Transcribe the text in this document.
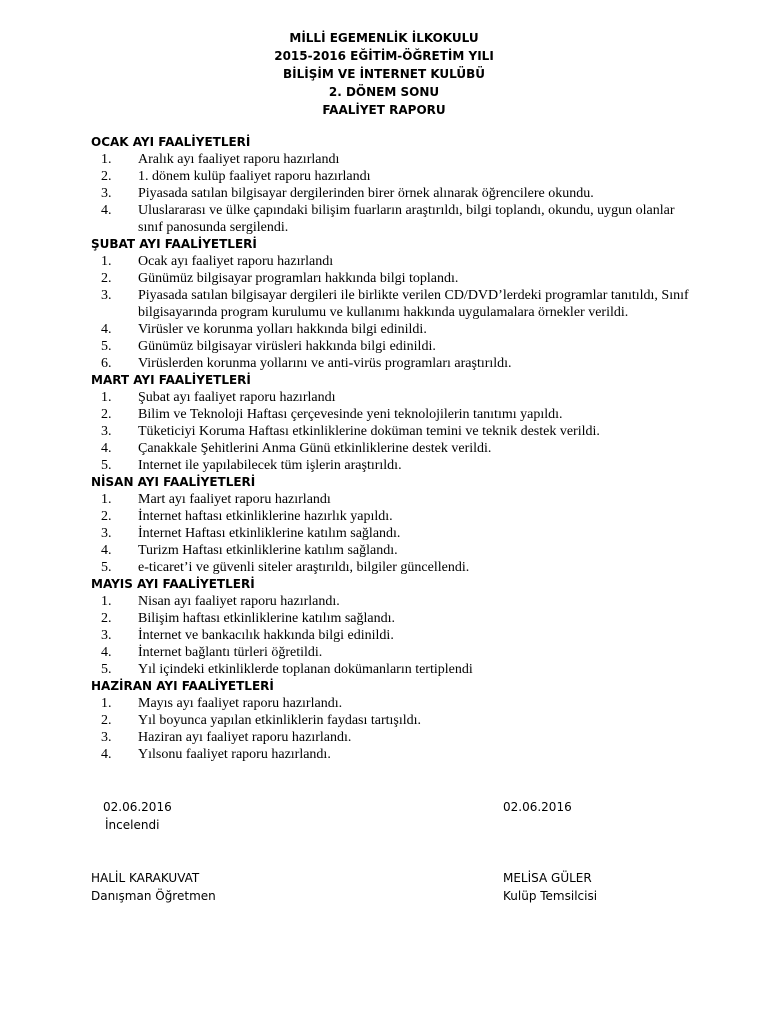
MİLLİ EGEMENLİK İLKOKULU
2015-2016 EĞİTİM-ÖĞRETİM YILI
BİLİŞİM VE İNTERNET KULÜBÜ
2. DÖNEM SONU
FAALİYET RAPORU
OCAK AYI FAALİYETLERİ
1. Aralık ayı faaliyet raporu hazırlandı
2. 1. dönem kulüp faaliyet raporu hazırlandı
3. Piyasada satılan bilgisayar dergilerinden birer örnek alınarak öğrencilere okundu.
4. Uluslararası ve ülke çapındaki bilişim fuarların araştırıldı, bilgi toplandı, okundu, uygun olanlar sınıf panosunda sergilendi.
ŞUBAT AYI FAALİYETLERİ
1. Ocak ayı faaliyet raporu hazırlandı
2. Günümüz bilgisayar programları hakkında bilgi toplandı.
3. Piyasada satılan bilgisayar dergileri ile birlikte verilen CD/DVD’lerdeki programlar tanıtıldı, Sınıf bilgisayarında program kurulumu ve kullanımı hakkında uygulamalara örnekler verildi.
4. Virüsler ve korunma yolları hakkında bilgi edinildi.
5. Günümüz bilgisayar virüsleri hakkında bilgi edinildi.
6. Virüslerden korunma yollarını ve anti-virüs programları araştırıldı.
MART AYI FAALİYETLERİ
1. Şubat ayı faaliyet raporu hazırlandı
2. Bilim ve Teknoloji Haftası çerçevesinde yeni teknolojilerin tanıtımı yapıldı.
3. Tüketiciyi Koruma Haftası etkinliklerine doküman temini ve teknik destek verildi.
4. Çanakkale Şehitlerini Anma Günü etkinliklerine destek verildi.
5. Internet ile yapılabilecek tüm işlerin araştırıldı.
NİSAN AYI FAALİYETLERİ
1. Mart ayı faaliyet raporu hazırlandı
2. İnternet haftası etkinliklerine hazırlık yapıldı.
3. İnternet Haftası etkinliklerine katılım sağlandı.
4. Turizm Haftası etkinliklerine katılım sağlandı.
5. e-ticaret’i ve güvenli siteler araştırıldı, bilgiler güncellendi.
MAYIS AYI FAALİYETLERİ
1. Nisan ayı faaliyet raporu hazırlandı.
2. Bilişim haftası etkinliklerine katılım sağlandı.
3. İnternet ve bankacılık hakkında bilgi edinildi.
4. İnternet bağlantı türleri öğretildi.
5. Yıl içindeki etkinliklerde toplanan dokümanların tertiplendi
HAZİRAN AYI FAALİYETLERİ
1. Mayıs ayı faaliyet raporu hazırlandı.
2. Yıl boyunca yapılan etkinliklerin faydası tartışıldı.
3. Haziran ayı faaliyet raporu hazırlandı.
4. Yılsonu faaliyet raporu hazırlandı.
02.06.2016
İncelendi
HALİL KARAKUVAT
Danışman Öğretmen
02.06.2016
MELİSA GÜLER
Kulüp Temsilcisi
